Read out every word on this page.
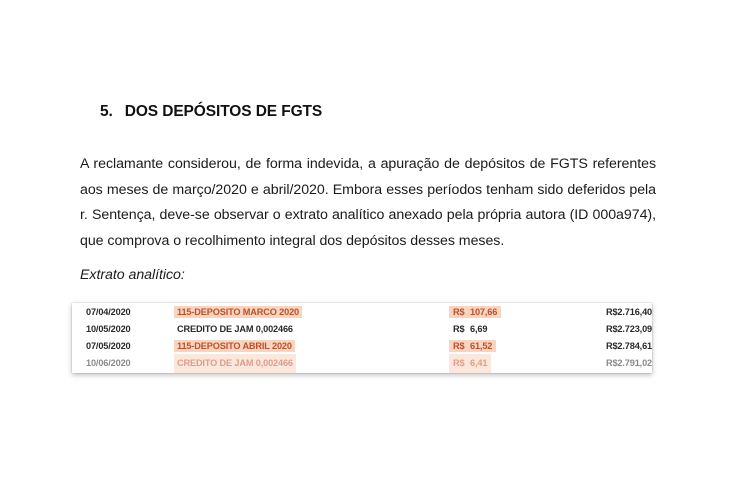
5. DOS DEPÓSITOS DE FGTS

A reclamante considerou, de forma indevida, a apuração de depósitos de FGTS referentes aos meses de março/2020 e abril/2020. Embora esses períodos tenham sido deferidos pela r. Sentença, deve-se observar o extrato analítico anexado pela própria autora (ID 000a974), que comprova o recolhimento integral dos depósitos desses meses.

Extrato analítico:
07/04/2020	115-DEPOSITO MARCO 2020	R$ 107,66	R$2.716,40
10/05/2020	CREDITO DE JAM 0,002466	R$ 6,69	R$2.723,09
07/05/2020	115-DEPOSITO ABRIL 2020	R$ 61,52	R$2.784,61
10/06/2020	CREDITO DE JAM 0,002466	R$ 6,41	R$2.791,02
